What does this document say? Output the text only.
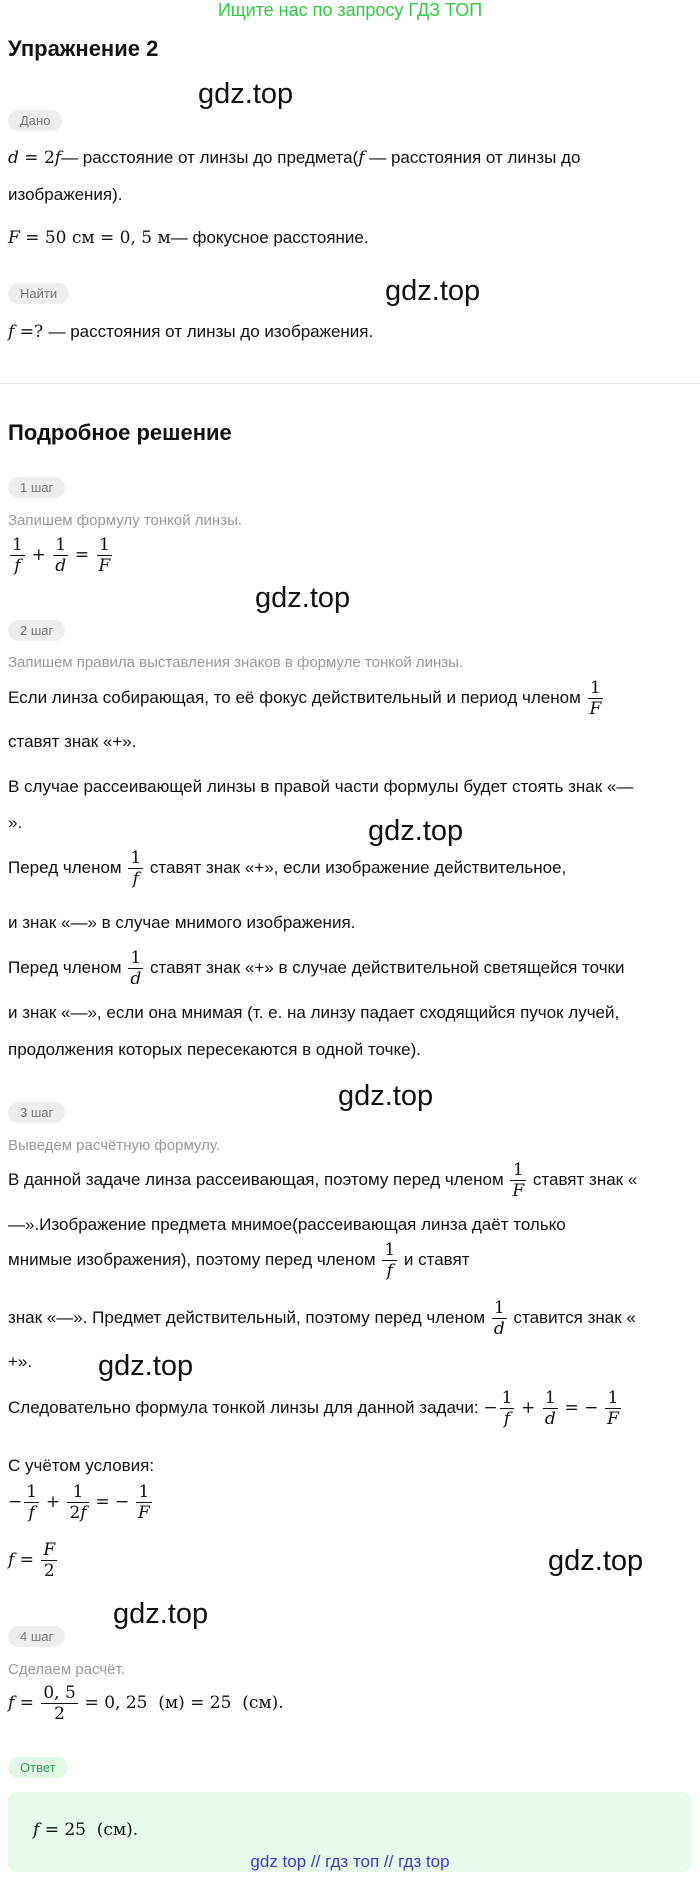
Ищите нас по запросу ГДЗ ТОП
Упражнение 2
gdz.top
Дано
d = 2f— расстояние от линзы до предмета(f — расстояния от линзы до
изображения).
F = 50 см = 0, 5 м— фокусное расстояние.
Найти	gdz.top
f =? — расстояния от линзы до изображения.
Подробное решение
1 шаг
Запишем формулу тонкой линзы.
$\frac{1}{f} + \frac{1}{d} = \frac{1}{F}$
gdz.top
2 шаг
Запишем правила выставления знаков в формуле тонкой линзы.
Если линза собирающая, то её фокус действительный и период членом $\frac{1}{F}$
ставят знак «+».
В случае рассеивающей линзы в правой части формулы будет стоять знак «—
».	gdz.top
Перед членом $\frac{1}{f}$ ставят знак «+», если изображение действительное,
и знак «—» в случае мнимого изображения.
Перед членом $\frac{1}{d}$ ставят знак «+» в случае действительной светящейся точки
и знак «—», если она мнимая (т. е. на линзу падает сходящийся пучок лучей,
продолжения которых пересекаются в одной точке).
gdz.top
3 шаг
Выведем расчётную формулу.
В данной задаче линза рассеивающая, поэтому перед членом $\frac{1}{F}$ ставят знак «
—».Изображение предмета мнимое(рассеивающая линза даёт только
мнимые изображения), поэтому перед членом $\frac{1}{f}$ и ставят
знак «—». Предмет действительный, поэтому перед членом $\frac{1}{d}$ ставится знак «
+». gdz.top
Следовательно формула тонкой линзы для данной задачи: − $\frac{1}{f} + \frac{1}{d}$ = − $\frac{1}{F}$
С учётом условия:
− $\frac{1}{f} + \frac{1}{2f}$ = − $\frac{1}{F}$
$f = \frac{F}{2}$	gdz.top
gdz.top
4 шаг
Сделаем расчёт.
$f = \frac{0, 5}{2} = 0$, 25  (м) = 25  (см).
Ответ
f = 25  (см).
gdz top // гдз топ // гдз top
